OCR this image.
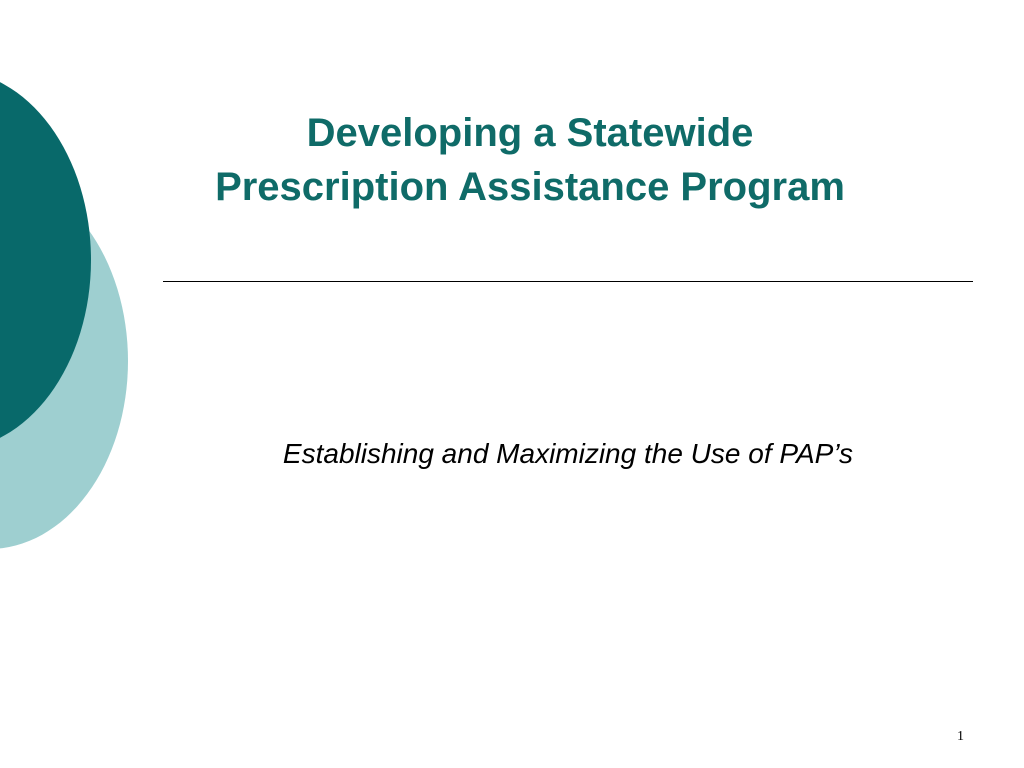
Developing a Statewide
Prescription Assistance Program

Establishing and Maximizing the Use of PAP’s

1
